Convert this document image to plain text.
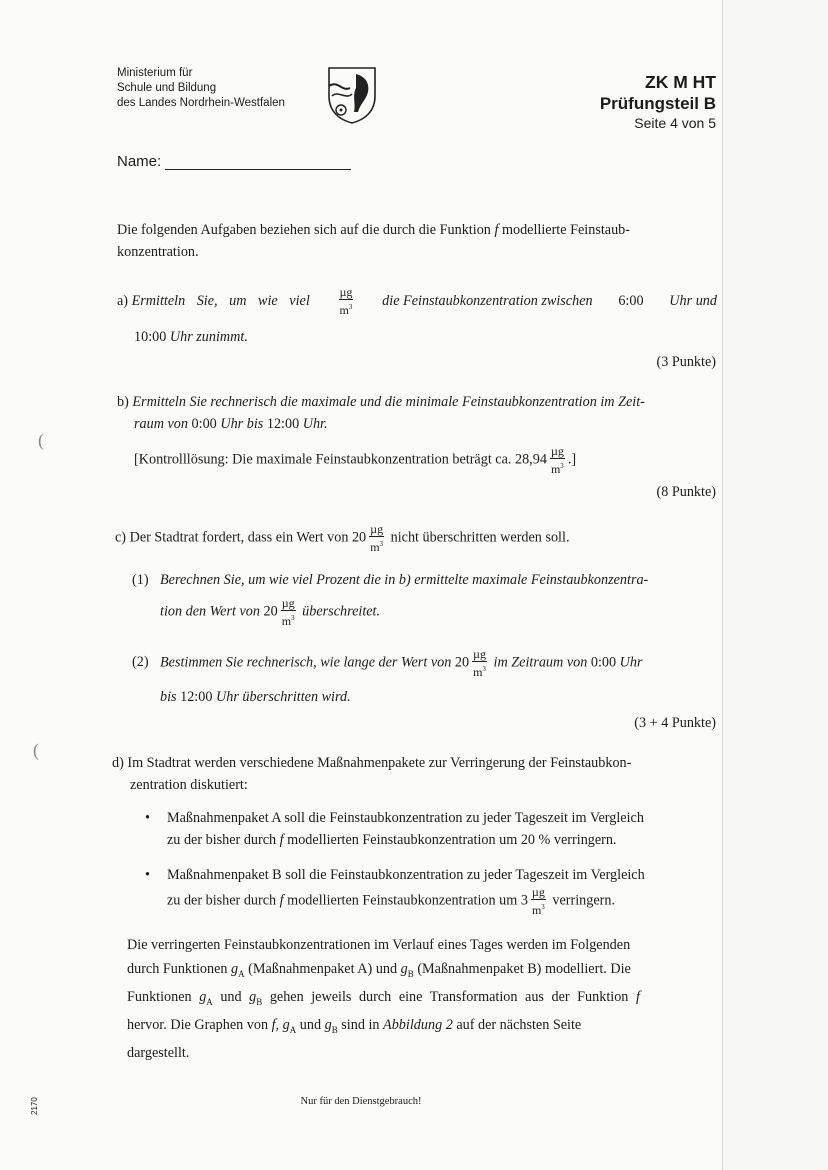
Ministerium für
Schule und Bildung
des Landes Nordrhein-Westfalen
ZK M HT
Prüfungsteil B
Seite 4 von 5
Name:

Die folgenden Aufgaben beziehen sich auf die durch die Funktion f modellierte Feinstaub-

konzentration.

a) Ermitteln Sie, um wie viel $\frac{\text{µg}}{m^3}$ die Feinstaubkonzentration zwischen 6:00 Uhr und

10:00 Uhr zunimmt.

(3 Punkte)

b) Ermitteln Sie rechnerisch die maximale und die minimale Feinstaubkonzentration im Zeit-

raum von 0:00 Uhr bis 12:00 Uhr.

[Kontrolllösung: Die maximale Feinstaubkonzentration beträgt ca. $28,94 \frac{\text{µg}}{m^3}$ .]

(
(8 Punkte)

c) Der Stadtrat fordert, dass ein Wert von $20 \frac{\text{µg}}{m^3}$ nicht überschritten werden soll.

(1) Berechnen Sie, um wie viel Prozent die in b) ermittelte maximale Feinstaubkonzentra-

tion den Wert von $20 \frac{\text{µg}}{m^3}$ überschreitet.

(2) Bestimmen Sie rechnerisch, wie lange der Wert von $20 \frac{\text{µg}}{m^3}$ im Zeitraum von 0:00 Uhr

bis 12:00 Uhr überschritten wird.

(3 + 4 Punkte)
(

d) Im Stadtrat werden verschiedene Maßnahmenpakete zur Verringerung der Feinstaubkon-

zentration diskutiert:

• Maßnahmenpaket A soll die Feinstaubkonzentration zu jeder Tageszeit im Vergleich

zu der bisher durch f modellierten Feinstaubkonzentration um 20 % verringern.

• Maßnahmenpaket B soll die Feinstaubkonzentration zu jeder Tageszeit im Vergleich

zu der bisher durch f modellierten Feinstaubkonzentration um $3 \frac{\text{µg}}{m^3}$ verringern.

Die verringerten Feinstaubkonzentrationen im Verlauf eines Tages werden im Folgenden

durch Funktionen $g_A$ (Maßnahmenpaket A) und $g_B$ (Maßnahmenpaket B) modelliert. Die

Funktionen $g_A$ und $g_B$ gehen jeweils durch eine Transformation aus der Funktion f

hervor. Die Graphen von f, $g_A$ und $g_B$ sind in Abbildung 2 auf der nächsten Seite

dargestellt.

Nur für den Dienstgebrauch!
2170
